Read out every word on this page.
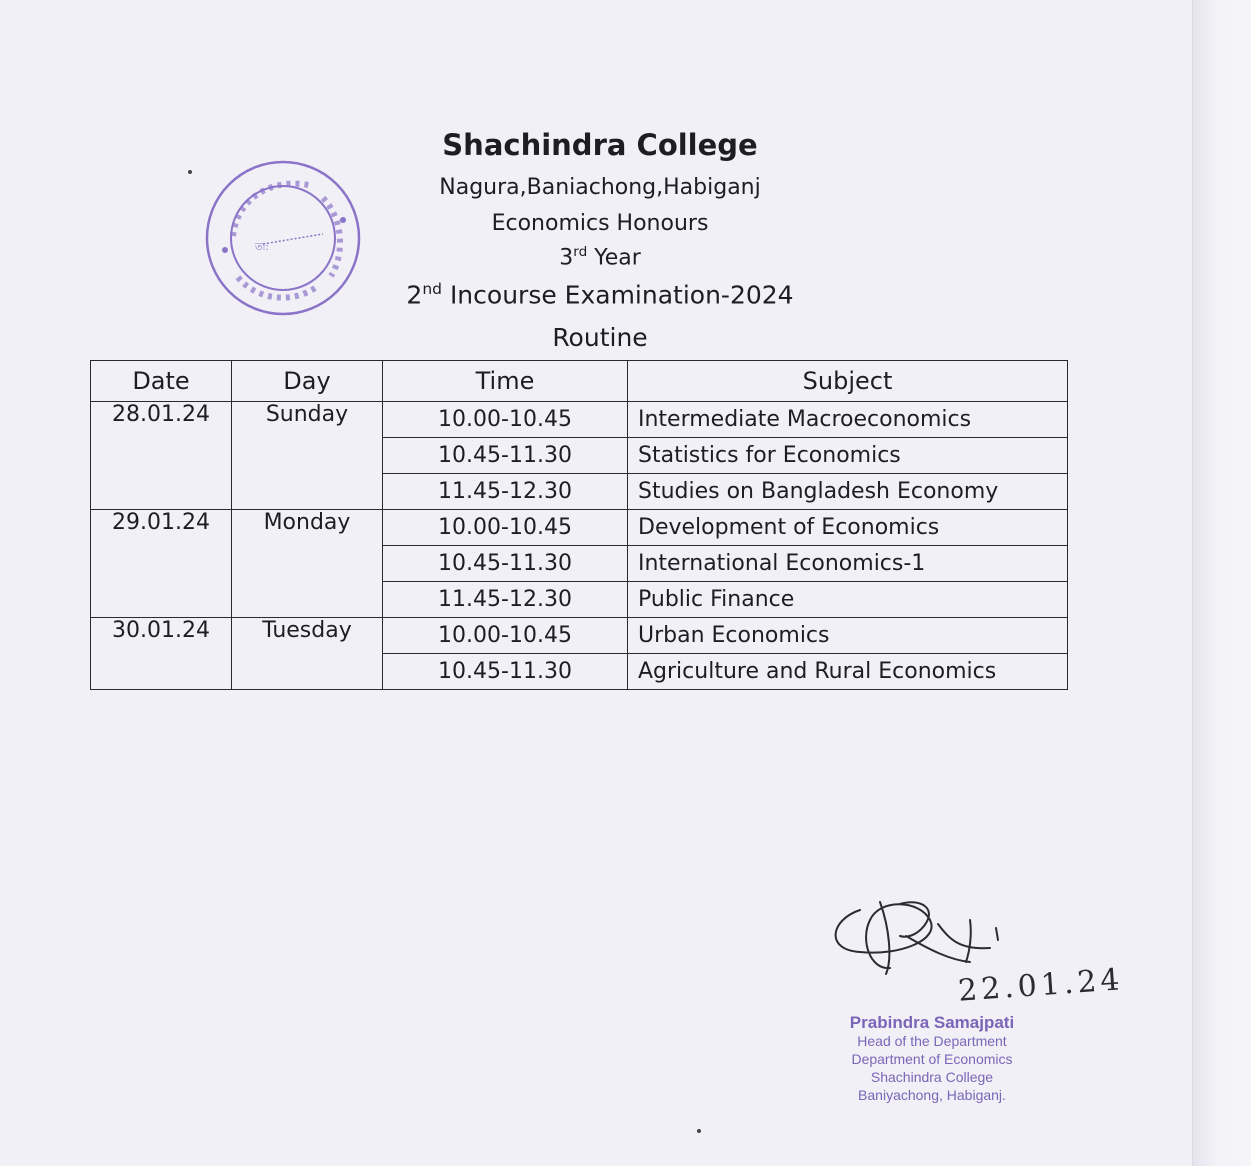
তা:
Shachindra College
Nagura,Baniachong,Habiganj
Economics Honours
3rd Year
2nd Incourse Examination-2024
Routine
Date	Day	Time	Subject
28.01.24	Sunday	10.00-10.45	Intermediate Macroeconomics
		10.45-11.30	Statistics for Economics
		11.45-12.30	Studies on Bangladesh Economy
29.01.24	Monday	10.00-10.45	Development of Economics
		10.45-11.30	International Economics-1
		11.45-12.30	Public Finance
30.01.24	Tuesday	10.00-10.45	Urban Economics
		10.45-11.30	Agriculture and Rural Economics
22.01.24
Prabindra Samajpati
Head of the Department
Department of Economics
Shachindra College
Baniyachong, Habiganj.
